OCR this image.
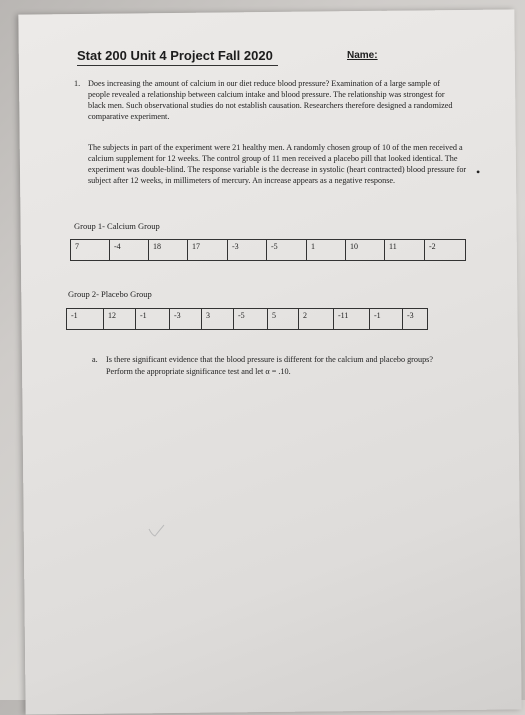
Stat 200 Unit 4 Project Fall 2020	Name:
1. Does increasing the amount of calcium in our diet reduce blood pressure? Examination of a large sample of people revealed a relationship between calcium intake and blood pressure. The relationship was strongest for black men. Such observational studies do not establish causation. Researchers therefore designed a randomized comparative experiment.
The subjects in part of the experiment were 21 healthy men. A randomly chosen group of 10 of the men received a calcium supplement for 12 weeks. The control group of 11 men received a placebo pill that looked identical. The experiment was double-blind. The response variable is the decrease in systolic (heart contracted) blood pressure for subject after 12 weeks, in millimeters of mercury. An increase appears as a negative response.
•
Group 1- Calcium Group
7	-4	18	17	-3	-5	1	10	11	-2
Group 2- Placebo Group
-1	12	-1	-3	3	-5	5	2	-11	-1	-3
a. Is there significant evidence that the blood pressure is different for the calcium and placebo groups? Perform the appropriate significance test and let α = .10.
